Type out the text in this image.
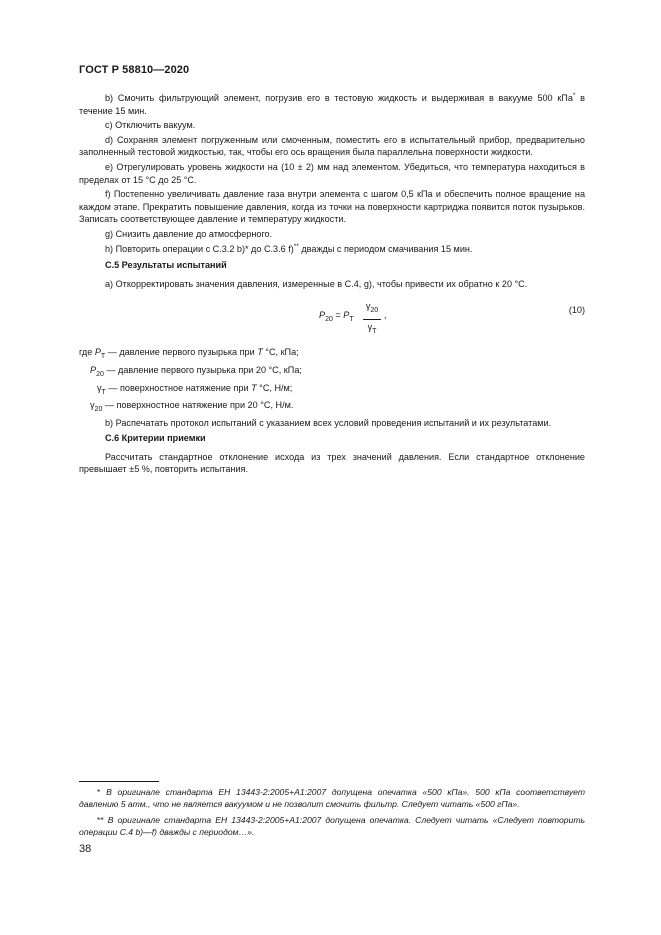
ГОСТ Р 58810—2020

b) Смочить фильтрующий элемент, погрузив его в тестовую жидкость и выдерживая в вакууме 500 кПа* в течение 15 мин.

c) Отключить вакуум.

d) Сохраняя элемент погруженным или смоченным, поместить его в испытательный прибор, предварительно заполненный тестовой жидкостью, так, чтобы его ось вращения была параллельна поверхности жидкости.

e) Отрегулировать уровень жидкости на (10 ± 2) мм над элементом. Убедиться, что температура находиться в пределах от 15 °С до 25 °С.

f) Постепенно увеличивать давление газа внутри элемента с шагом 0,5 кПа и обеспечить полное вращение на каждом этапе. Прекратить повышение давления, когда из точки на поверхности картриджа появится поток пузырьков. Записать соответствующее давление и температуру жидкости.

g) Снизить давление до атмосферного.

h) Повторить операции с С.3.2 b)* до С.3.6 f)** дважды с периодом смачивания 15 мин.

С.5 Результаты испытаний

а) Откорректировать значения давления, измеренные в С.4, g), чтобы привести их обратно к 20 °С.

$P_{20} = P_Т$
$\gamma_{20}$
$\gamma_Т$
,	(10)
где $P_Т$ — давление первого пузырька при T °С, кПа;
$P_{20}$ — давление первого пузырька при 20 °С, кПа;
$\gamma_Т$ — поверхностное натяжение при T °С, Н/м;
$\gamma_{20}$ — поверхностное натяжение при 20 °С, Н/м.

b) Распечатать протокол испытаний с указанием всех условий проведения испытаний и их результатами.

С.6 Критерии приемки

Рассчитать стандартное отклонение исхода из трех значений давления. Если стандартное отклонение превышает ±5 %, повторить испытания.

* В оригинале стандарта ЕН 13443-2:2005+А1:2007 допущена опечатка «500 кПа». 500 кПа соответствует давлению 5 атм., что не является вакуумом и не позволит смочить фильтр. Следует читать «500 гПа».

** В оригинале стандарта ЕН 13443-2:2005+А1:2007 допущена опечатка. Следует читать «Следует повторить операции С.4 b)—f) дважды с периодом…».

38
